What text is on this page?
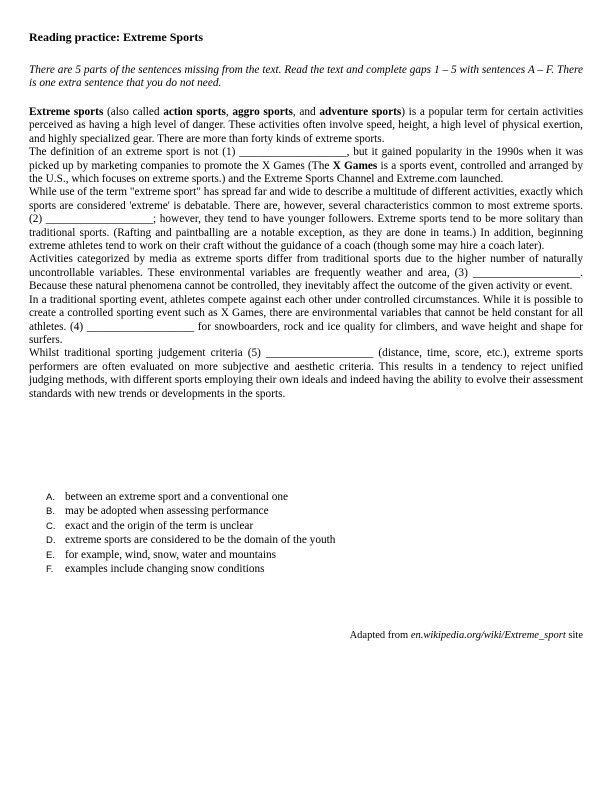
Reading practice: Extreme Sports

There are 5 parts of the sentences missing from the text. Read the text and complete gaps 1 – 5 with sentences A – F. There is one extra sentence that you do not need.

Extreme sports (also called action sports, aggro sports, and adventure sports) is a popular term for certain activities perceived as having a high level of danger. These activities often involve speed, height, a high level of physical exertion, and highly specialized gear. There are more than forty kinds of extreme sports.

The definition of an extreme sport is not (1) ___________________, but it gained popularity in the 1990s when it was picked up by marketing companies to promote the X Games (The X Games is a sports event, controlled and arranged by the U.S., which focuses on extreme sports.) and the Extreme Sports Channel and Extreme.com launched.

While use of the term "extreme sport" has spread far and wide to describe a multitude of different activities, exactly which sports are considered 'extreme' is debatable. There are, however, several characteristics common to most extreme sports. (2) ___________________; however, they tend to have younger followers. Extreme sports tend to be more solitary than traditional sports. (Rafting and paintballing are a notable exception, as they are done in teams.) In addition, beginning extreme athletes tend to work on their craft without the guidance of a coach (though some may hire a coach later).

Activities categorized by media as extreme sports differ from traditional sports due to the higher number of naturally uncontrollable variables. These environmental variables are frequently weather and area, (3) ___________________. Because these natural phenomena cannot be controlled, they inevitably affect the outcome of the given activity or event.

In a traditional sporting event, athletes compete against each other under controlled circumstances. While it is possible to create a controlled sporting event such as X Games, there are environmental variables that cannot be held constant for all athletes. (4) ___________________ for snowboarders, rock and ice quality for climbers, and wave height and shape for surfers.

Whilst traditional sporting judgement criteria (5) ___________________ (distance, time, score, etc.), extreme sports performers are often evaluated on more subjective and aesthetic criteria. This results in a tendency to reject unified judging methods, with different sports employing their own ideals and indeed having the ability to evolve their assessment standards with new trends or developments in the sports.

A. between an extreme sport and a conventional one
B. may be adopted when assessing performance
C. exact and the origin of the term is unclear
D. extreme sports are considered to be the domain of the youth
E. for example, wind, snow, water and mountains
F. examples include changing snow conditions
Adapted from en.wikipedia.org/wiki/Extreme_sport site
